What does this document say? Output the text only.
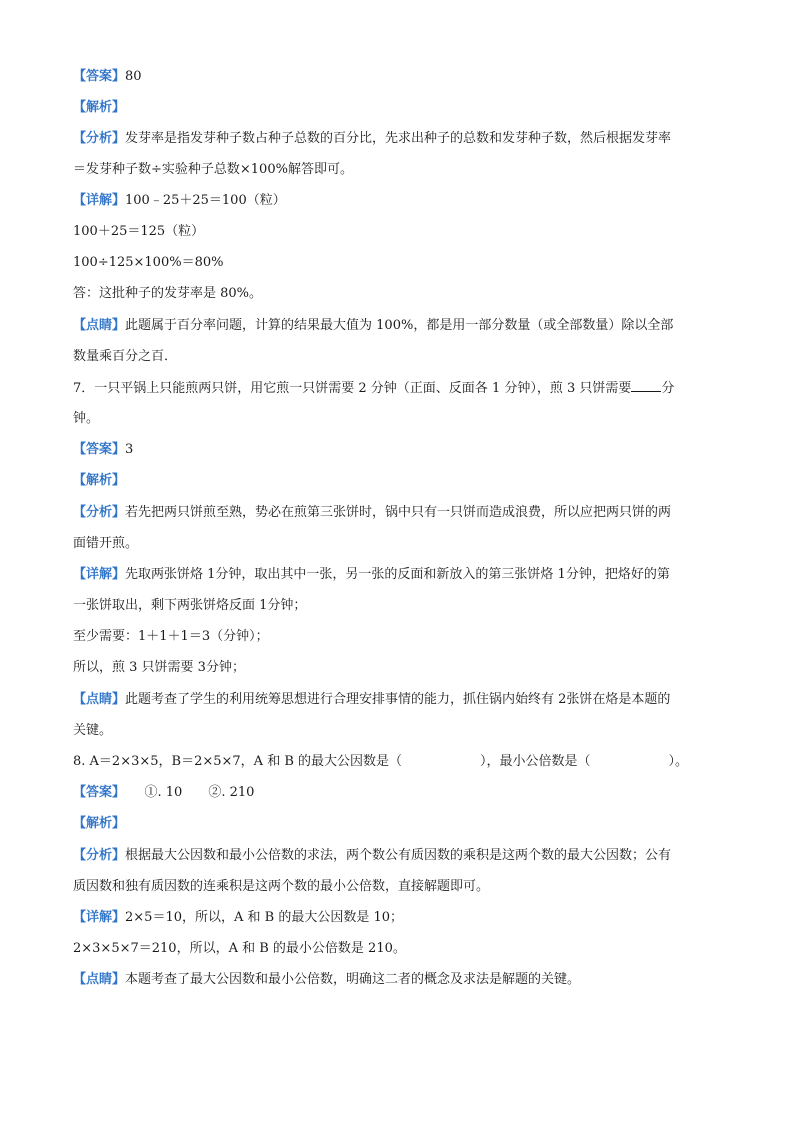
【答案】80
【解析】
【分析】发芽率是指发芽种子数占种子总数的百分比，先求出种子的总数和发芽种子数，然后根据发芽率
＝发芽种子数÷实验种子总数×100%解答即可。
【详解】100﹣25＋25＝100（粒）
100＋25＝125（粒）
100÷125×100%＝80%
答：这批种子的发芽率是 80%。
【点睛】此题属于百分率问题，计算的结果最大值为 100%，都是用一部分数量（或全部数量）除以全部
数量乘百分之百．
7．一只平锅上只能煎两只饼，用它煎一只饼需要 2 分钟（正面、反面各 1 分钟），煎 3 只饼需要 分
钟。
【答案】3
【解析】
【分析】若先把两只饼煎至熟，势必在煎第三张饼时，锅中只有一只饼而造成浪费，所以应把两只饼的两
面错开煎。
【详解】先取两张饼烙 1分钟，取出其中一张，另一张的反面和新放入的第三张饼烙 1分钟，把烙好的第
一张饼取出，剩下两张饼烙反面 1分钟；
至少需要：1＋1＋1＝3（分钟）；
所以，煎 3 只饼需要 3分钟；
【点睛】此题考查了学生的利用统筹思想进行合理安排事情的能力，抓住锅内始终有 2张饼在烙是本题的
关键。
8. A＝2×3×5，B＝2×5×7，A 和 B 的最大公因数是（　　　　　　），最小公倍数是（　　　　　　）。
【答案】　　①. 10　　②. 210
【解析】
【分析】根据最大公因数和最小公倍数的求法，两个数公有质因数的乘积是这两个数的最大公因数；公有
质因数和独有质因数的连乘积是这两个数的最小公倍数，直接解题即可。
【详解】2×5＝10，所以，A 和 B 的最大公因数是 10；
2×3×5×7＝210，所以，A 和 B 的最小公倍数是 210。
【点睛】本题考查了最大公因数和最小公倍数，明确这二者的概念及求法是解题的关键。
